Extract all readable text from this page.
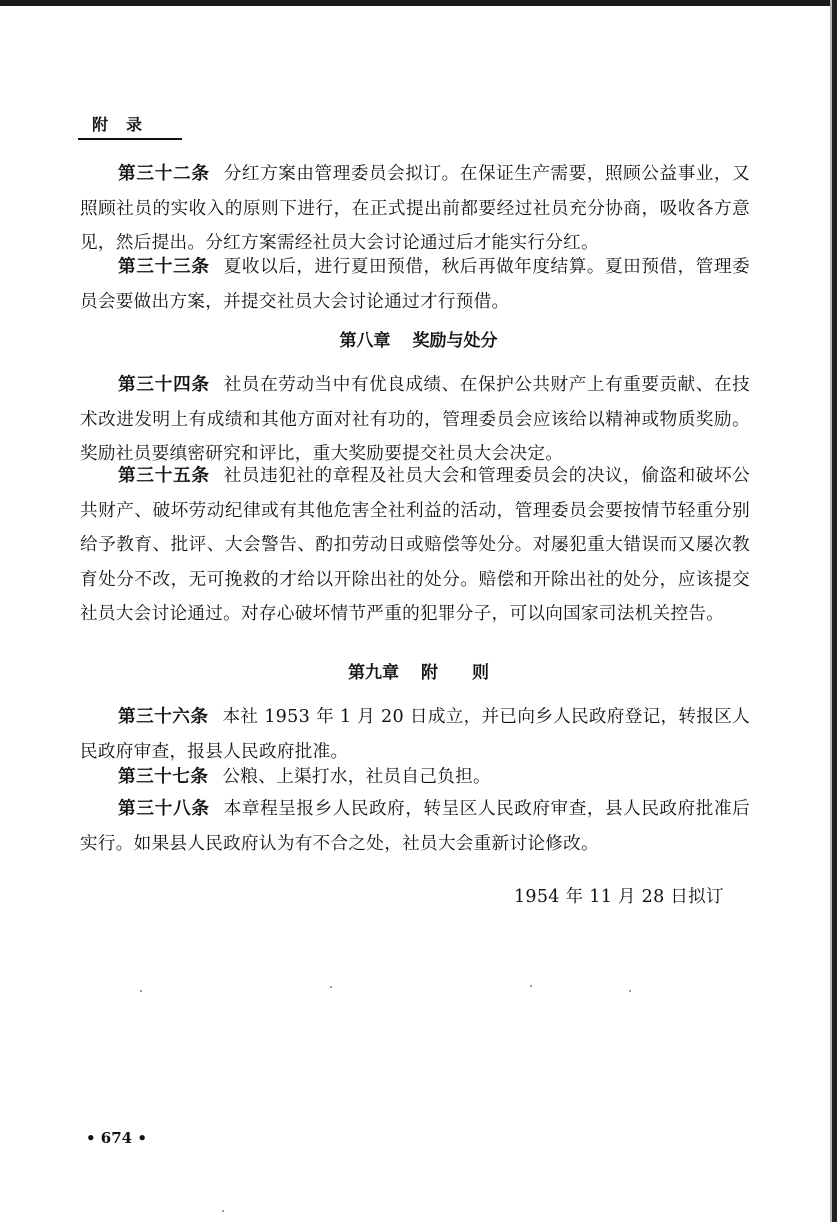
附录
第三十二条 分红方案由管理委员会拟订。在保证生产需要，照顾公益事业，又照顾社员的实收入的原则下进行，在正式提出前都要经过社员充分协商，吸收各方意见，然后提出。分红方案需经社员大会讨论通过后才能实行分红。
第三十三条 夏收以后，进行夏田预借，秋后再做年度结算。夏田预借，管理委员会要做出方案，并提交社员大会讨论通过才行预借。
第八章 奖励与处分
第三十四条 社员在劳动当中有优良成绩、在保护公共财产上有重要贡献、在技术改进发明上有成绩和其他方面对社有功的，管理委员会应该给以精神或物质奖励。奖励社员要缜密研究和评比，重大奖励要提交社员大会决定。
第三十五条 社员违犯社的章程及社员大会和管理委员会的决议，偷盗和破坏公共财产、破坏劳动纪律或有其他危害全社利益的活动，管理委员会要按情节轻重分别给予教育、批评、大会警告、酌扣劳动日或赔偿等处分。对屡犯重大错误而又屡次教育处分不改，无可挽救的才给以开除出社的处分。赔偿和开除出社的处分，应该提交社员大会讨论通过。对存心破坏情节严重的犯罪分子，可以向国家司法机关控告。
第九章 附　　则
第三十六条 本社 1953 年 1 月 20 日成立，并已向乡人民政府登记，转报区人民政府审查，报县人民政府批准。
第三十七条 公粮、上渠打水，社员自己负担。
第三十八条 本章程呈报乡人民政府，转呈区人民政府审查，县人民政府批准后实行。如果县人民政府认为有不合之处，社员大会重新讨论修改。
1954 年 11 月 28 日拟订
• 674 •
